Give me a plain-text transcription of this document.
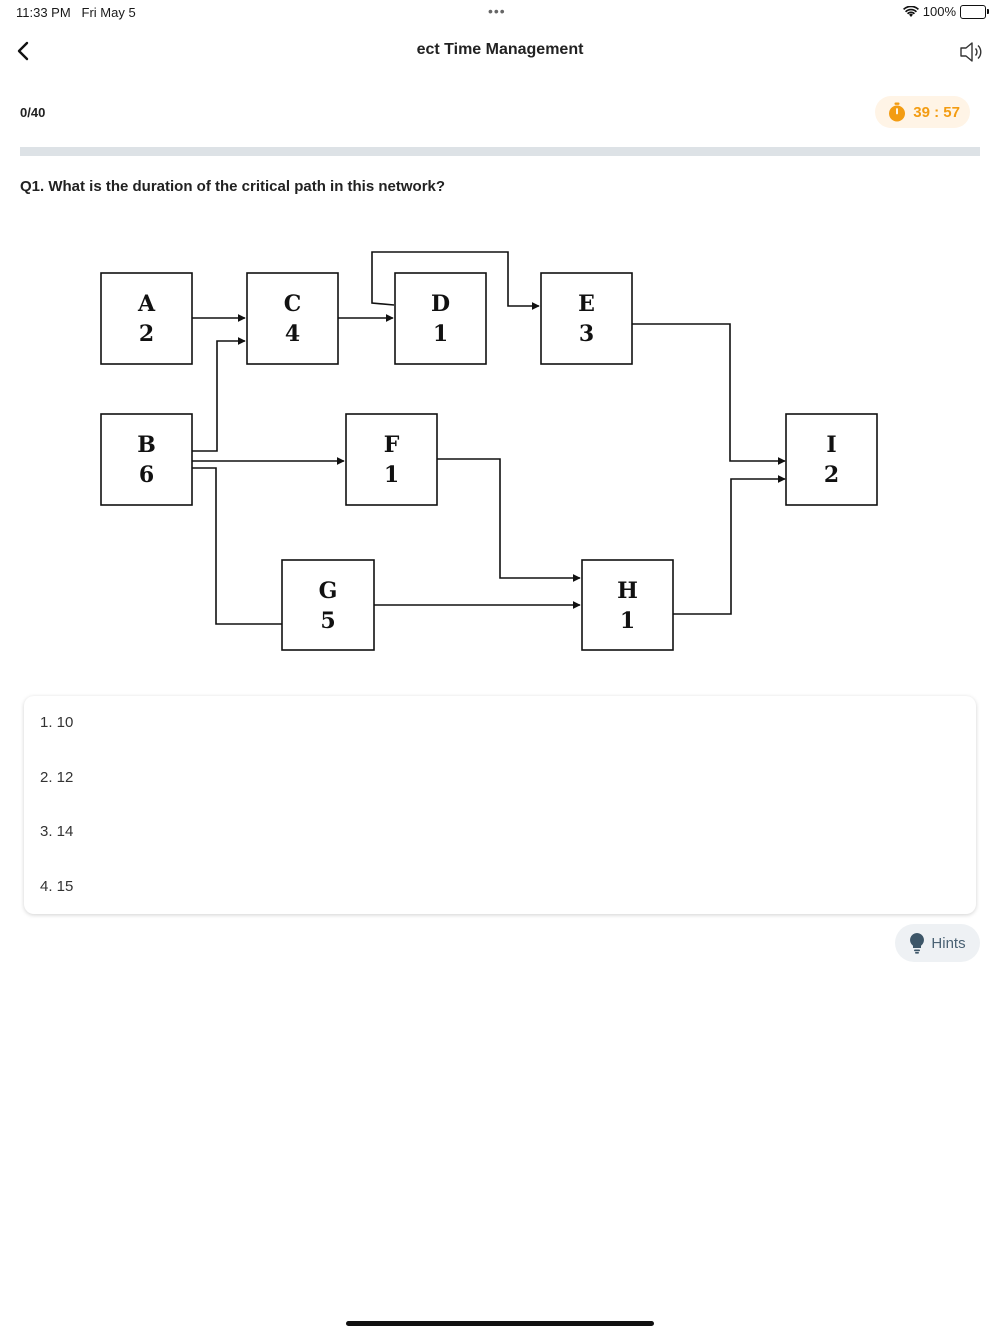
11:33 PM Fri May 5	•••	100%
ect Time Management
0/40	39 : 57
Q1. What is the duration of the critical path in this network?
A
2
C
4
D
1
E
3
B
6
F
1
I
2
G
5
H
1
1. 10
2. 12
3. 14
4. 15
Hints
